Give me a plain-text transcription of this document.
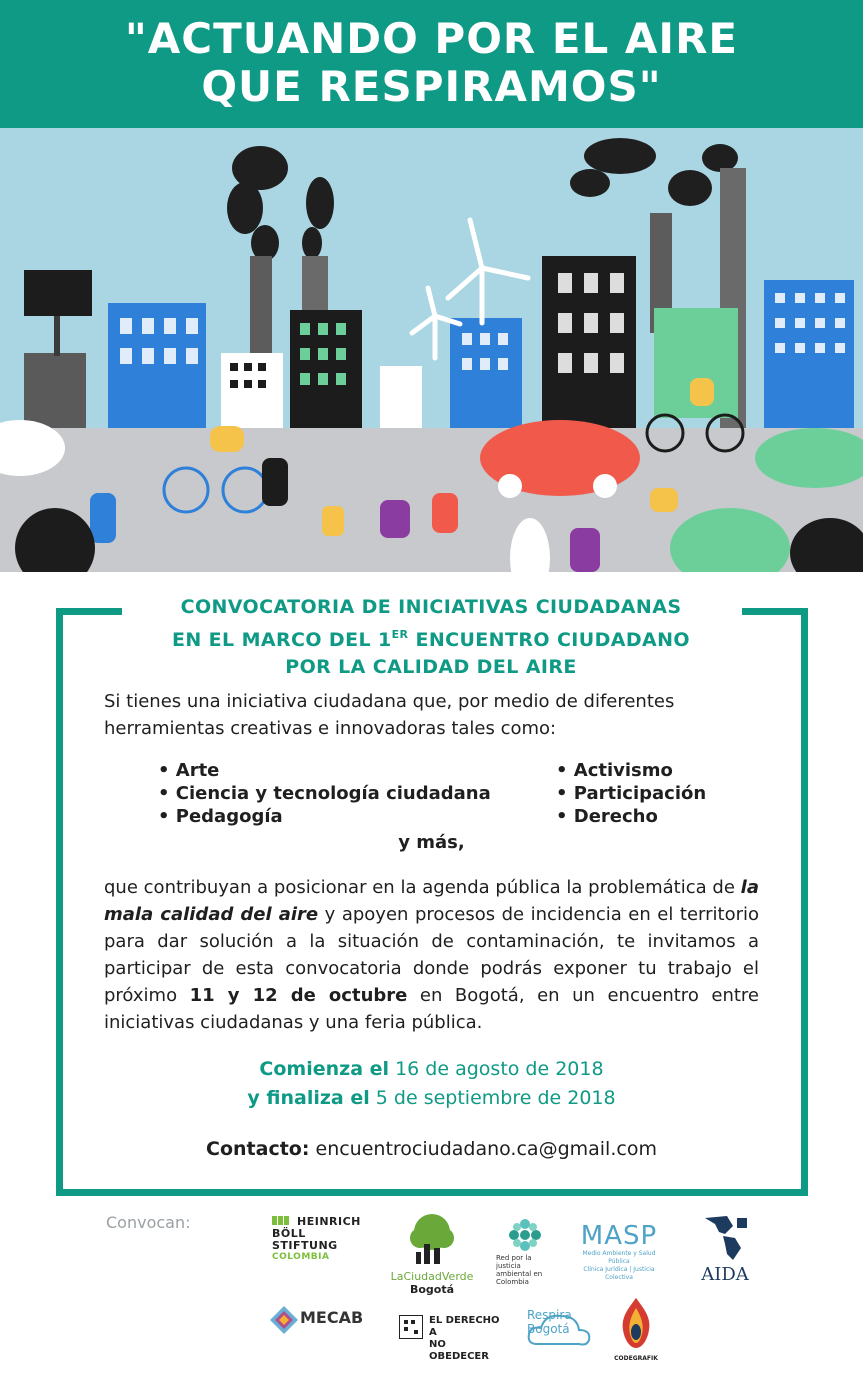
"ACTUANDO POR EL AIRE
QUE RESPIRAMOS"
CONVOCATORIA DE INICIATIVAS CIUDADANAS
EN EL MARCO DEL 1ER ENCUENTRO CIUDADANO
POR LA CALIDAD DEL AIRE
Si tienes una iniciativa ciudadana que, por medio de diferentes herramientas creativas e innovadoras tales como:
• Arte
• Ciencia y tecnología ciudadana
• Pedagogía
• Activismo
• Participación
• Derecho
y más,
que contribuyan a posicionar en la agenda pública la problemática de la mala calidad del aire y apoyen procesos de incidencia en el territorio para dar solución a la situación de contaminación, te invitamos a participar de esta convocatoria donde podrás exponer tu trabajo el próximo 11 y 12 de octubre en Bogotá, en un encuentro entre iniciativas ciudadanas y una feria pública.
Comienza el 16 de agosto de 2018
y finaliza el 5 de septiembre de 2018
Contacto: encuentrociudadano.ca@gmail.com
Convocan:	HEINRICH
BÖLL
STIFTUNG
COLOMBIA
LaCiudadVerde
Bogotá
Red por la justicia ambiental en Colombia
MASP
Medio Ambiente y Salud Pública
Clínica Jurídica | Justicia Colectiva	AIDA
MECAB	EL DERECHO A
NO OBEDECER
Respira
Bogotá
CODEGRAFIK
